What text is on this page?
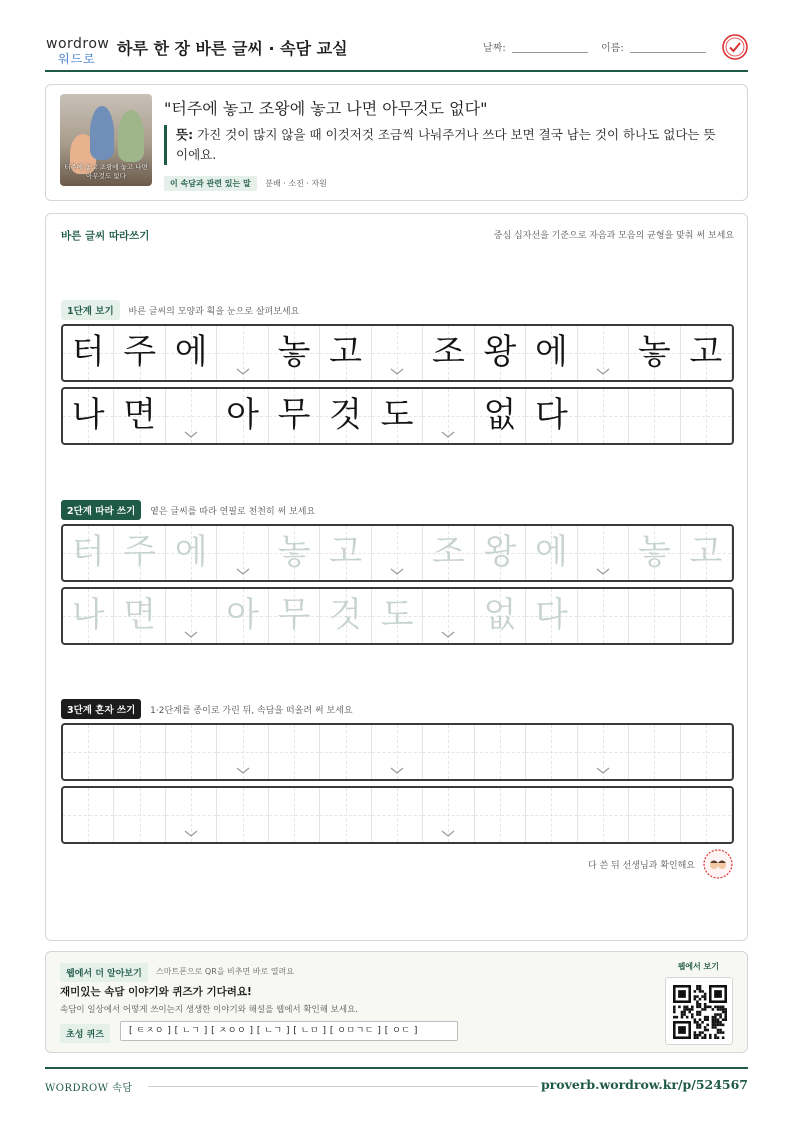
wordrow
워드로
하루 한 장 바른 글씨 · 속담 교실	날짜:	이름:
터주에 놓고 조왕에 놓고 나면 아무것도 없다
"터주에 놓고 조왕에 놓고 나면 아무것도 없다"
뜻: 가진 것이 많지 않을 때 이것저것 조금씩 나눠주거나 쓰다 보면 결국 남는 것이 하나도 없다는 뜻이에요.
이 속담과 관련 있는 말 분배 · 소진 · 자원
바른 글씨 따라쓰기	중심 십자선을 기준으로 자음과 모음의 균형을 맞춰 써 보세요
1단계 보기 바른 글씨의 모양과 획을 눈으로 살펴보세요
터 주 에 놓 고 조 왕 에 놓 고
나 면 아 무 것 도 없 다
2단계 따라 쓰기 옅은 글씨를 따라 연필로 천천히 써 보세요
터 주 에 놓 고 조 왕 에 놓 고
나 면 아 무 것 도 없 다
3단계 혼자 쓰기 1·2단계를 종이로 가린 뒤, 속담을 떠올려 써 보세요
다 쓴 뒤 선생님과 확인해요
웹에서 더 알아보기	스마트폰으로 QR을 비추면 바로 열려요
재미있는 속담 이야기와 퀴즈가 기다려요!
속담이 일상에서 어떻게 쓰이는지 생생한 이야기와 해설을 웹에서 확인해 보세요.
초성 퀴즈	[ ㅌㅈㅇ ] [ ㄴㄱ ] [ ㅈㅇㅇ ] [ ㄴㄱ ] [ ㄴㅁ ] [ ㅇㅁㄱㄷ ] [ ㅇㄷ ]
웹에서 보기
WORDROW 속담	proverb.wordrow.kr/p/524567
